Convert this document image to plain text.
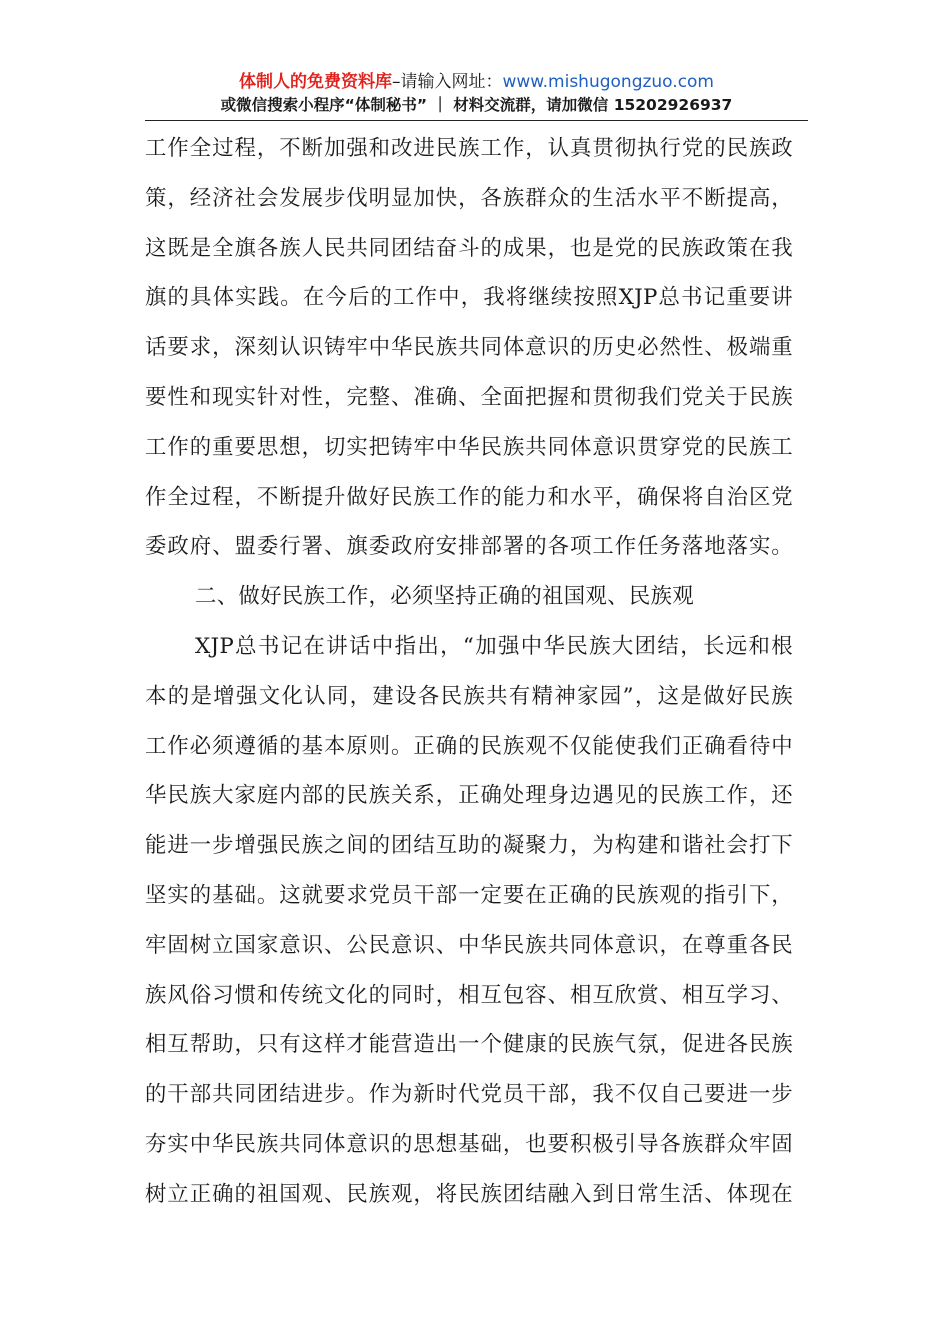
体制人的免费资料库–请输入网址：www.mishugongzuo.com
或微信搜索小程序“体制秘书” ｜ 材料交流群，请加微信 15202926937
工作全过程，不断加强和改进民族工作，认真贯彻执行党的民族政
策，经济社会发展步伐明显加快，各族群众的生活水平不断提高，
这既是全旗各族人民共同团结奋斗的成果，也是党的民族政策在我
旗的具体实践。在今后的工作中，我将继续按照XJP总书记重要讲
话要求，深刻认识铸牢中华民族共同体意识的历史必然性、极端重
要性和现实针对性，完整、准确、全面把握和贯彻我们党关于民族
工作的重要思想，切实把铸牢中华民族共同体意识贯穿党的民族工
作全过程，不断提升做好民族工作的能力和水平，确保将自治区党
委政府、盟委行署、旗委政府安排部署的各项工作任务落地落实。
二、做好民族工作，必须坚持正确的祖国观、民族观
XJP总书记在讲话中指出，“加强中华民族大团结，长远和根
本的是增强文化认同，建设各民族共有精神家园”，这是做好民族
工作必须遵循的基本原则。正确的民族观不仅能使我们正确看待中
华民族大家庭内部的民族关系，正确处理身边遇见的民族工作，还
能进一步增强民族之间的团结互助的凝聚力，为构建和谐社会打下
坚实的基础。这就要求党员干部一定要在正确的民族观的指引下，
牢固树立国家意识、公民意识、中华民族共同体意识，在尊重各民
族风俗习惯和传统文化的同时，相互包容、相互欣赏、相互学习、
相互帮助，只有这样才能营造出一个健康的民族气氛，促进各民族
的干部共同团结进步。作为新时代党员干部，我不仅自己要进一步
夯实中华民族共同体意识的思想基础，也要积极引导各族群众牢固
树立正确的祖国观、民族观，将民族团结融入到日常生活、体现在
